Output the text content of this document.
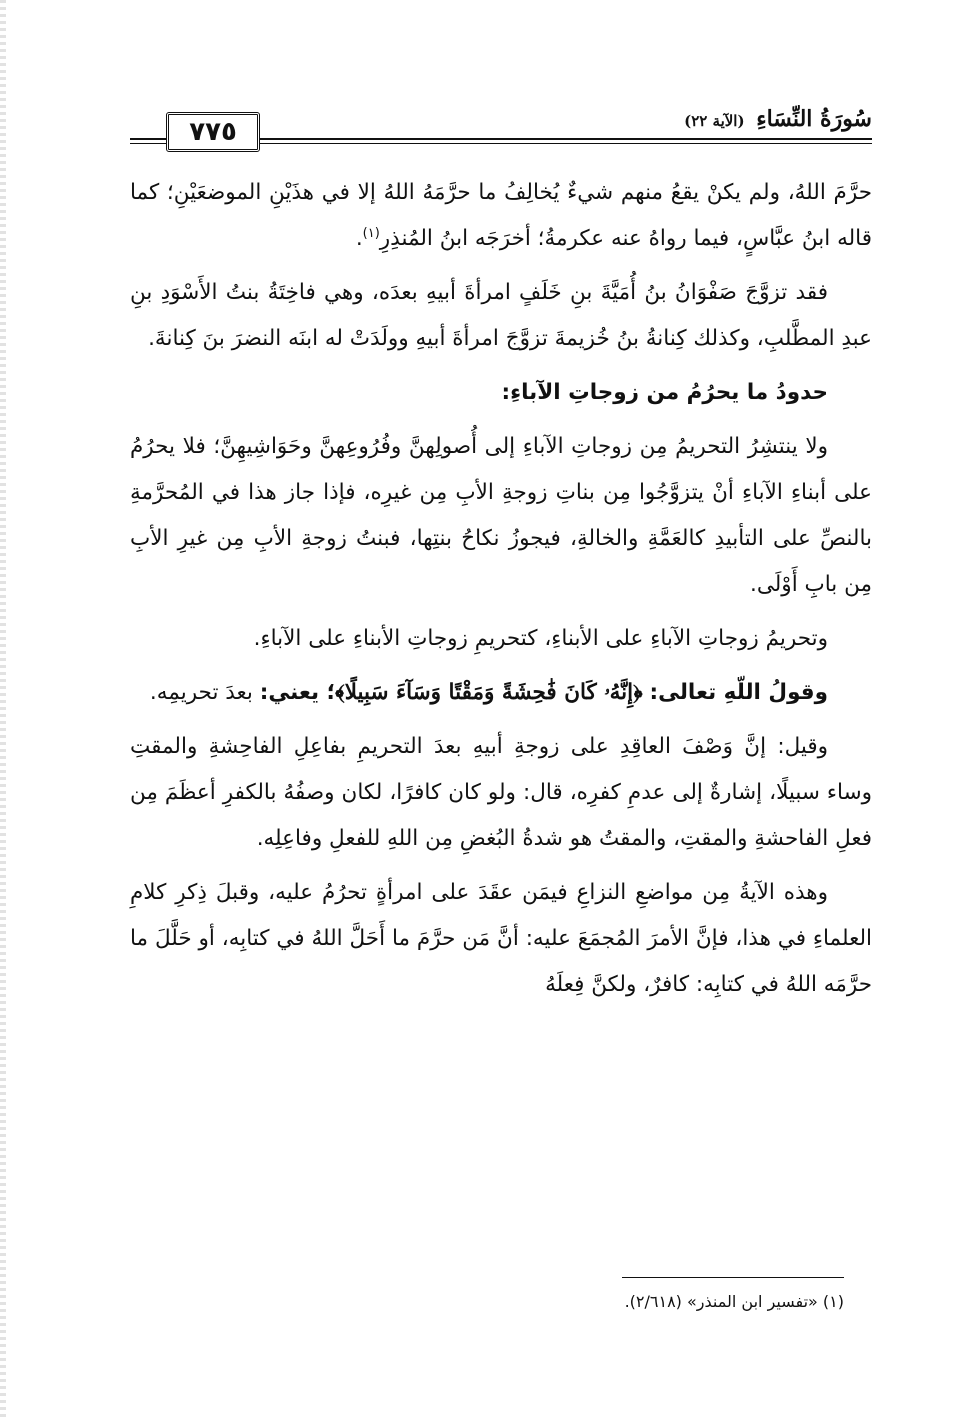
سُورَةُ النِّسَاءِ (الآية ٢٢)
٧٧٥

حرَّمَ اللهُ، ولم يكنْ يقعُ منهم شيءٌ يُخالِفُ ما حرَّمَهُ اللهُ إلا في هذَيْنِ الموضعَيْنِ؛ كما قاله ابنُ عبَّاسٍ، فيما رواهُ عنه عكرمةُ؛ أخرَجَه ابنُ المُنذِرِ$^{(١)}$.

فقد تزوَّجَ صَفْوَانُ بنُ أُمَيَّةَ بنِ خَلَفٍ امرأةَ أبيهِ بعدَه، وهي فاخِتَةُ بنتُ الأَسْوَدِ بنِ عبدِ المطَّلبِ، وكذلك كِنانةُ بنُ خُزيمةَ تزوَّجَ امرأةَ أبيهِ وولَدَتْ له ابنَه النضرَ بنَ كِنانةَ.

حدودُ ما يحرُمُ من زوجاتِ الآباءِ:

ولا ينتشِرُ التحريمُ مِن زوجاتِ الآباءِ إلى أُصولِهنَّ وفُرُوعِهنَّ وحَوَاشِيهِنَّ؛ فلا يحرُمُ على أبناءِ الآباءِ أنْ يتزوَّجُوا مِن بناتِ زوجةِ الأبِ مِن غيرِه، فإذا جاز هذا في المُحرَّمةِ بالنصِّ على التأبيدِ كالعَمَّةِ والخالةِ، فيجوزُ نكاحُ بنتِها، فبنتُ زوجةِ الأبِ مِن غيرِ الأبِ مِن بابِ أَوْلَى.

وتحريمُ زوجاتِ الآباءِ على الأبناءِ، كتحريمِ زوجاتِ الأبناءِ على الآباءِ.

وقولُ اللّهِ تعالى: ﴿إِنَّهُۥ كَانَ فَٰحِشَةً وَمَقْتًا وَسَآءَ سَبِيلًا﴾؛ يعني: بعدَ تحريمِه.

وقيل: إنَّ وَصْفَ العاقِدِ على زوجةِ أبيهِ بعدَ التحريمِ بفاعِلِ الفاحِشةِ والمقتِ وساء سبيلًا، إشارةٌ إلى عدمِ كفرِه، قال: ولو كان كافرًا، لكان وصفُهُ بالكفرِ أعظَمَ مِن فعلِ الفاحشةِ والمقتِ، والمقتُ هو شدةُ البُغضِ مِن اللهِ للفعلِ وفاعِلِه.

وهذه الآيةُ مِن مواضعِ النزاعِ فيمَن عقَدَ على امرأةٍ تحرُمُ عليه، وقبلَ ذِكرِ كلامِ العلماءِ في هذا، فإنَّ الأمرَ المُجمَعَ عليه: أنَّ مَن حرَّمَ ما أَحَلَّ اللهُ في كتابِه، أو حَلَّلَ ما حرَّمَه اللهُ في كتابِه: كافرٌ، ولكنَّ فِعلَهُ

(١) «تفسير ابن المنذر» (٢/٦١٨).
